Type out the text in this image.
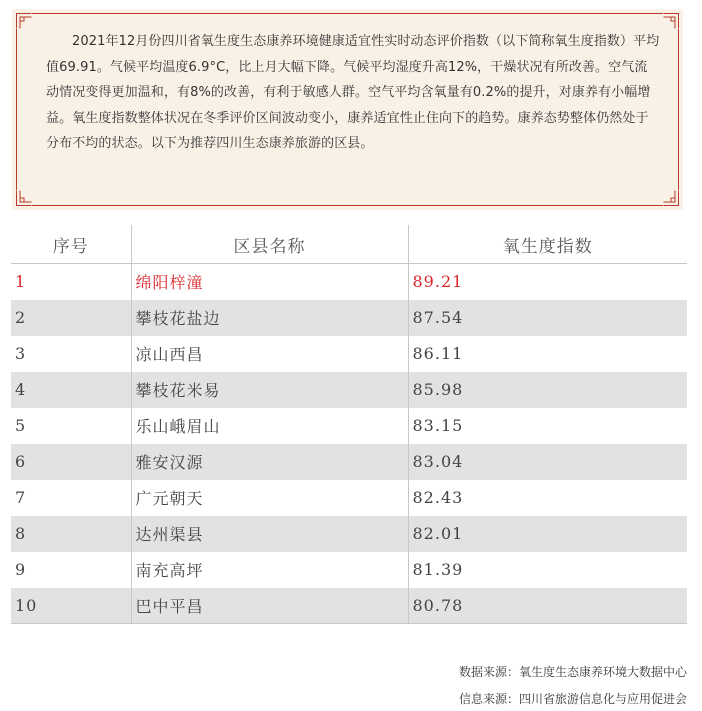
2021年12月份四川省氧生度生态康养环境健康适宜性实时动态评价指数（以下简称氧生度指数）平均值69.91。气候平均温度6.9°C，比上月大幅下降。气候平均湿度升高12%，干燥状况有所改善。空气流动情况变得更加温和，有8%的改善，有利于敏感人群。空气平均含氧量有0.2%的提升，对康养有小幅增益。氧生度指数整体状况在冬季评价区间波动变小，康养适宜性止住向下的趋势。康养态势整体仍然处于分布不均的状态。以下为推荐四川生态康养旅游的区县。

序号	区县名称	氧生度指数
1	绵阳梓潼	89.21
2	攀枝花盐边	87.54
3	凉山西昌	86.11
4	攀枝花米易	85.98
5	乐山峨眉山	83.15
6	雅安汉源	83.04
7	广元朝天	82.43
8	达州渠县	82.01
9	南充高坪	81.39
10	巴中平昌	80.78
数据来源：氧生度生态康养环境大数据中心
信息来源：四川省旅游信息化与应用促进会
